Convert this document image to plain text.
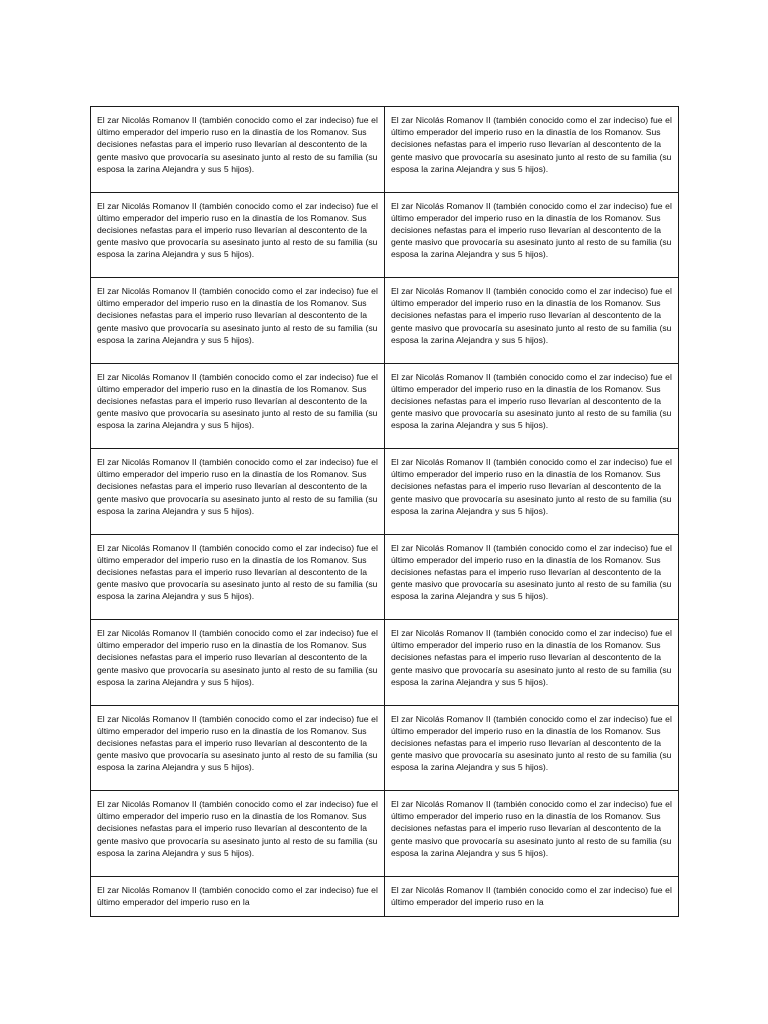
El zar Nicolás Romanov II (también conocido como el zar indeciso) fue el último emperador del imperio ruso en la dinastía de los Romanov. Sus decisiones nefastas para el imperio ruso llevarían al descontento de la gente masivo que provocaría su asesinato junto al resto de su familia (su esposa la zarina Alejandra y sus 5 hijos).

El zar Nicolás Romanov II (también conocido como el zar indeciso) fue el último emperador del imperio ruso en la dinastía de los Romanov. Sus decisiones nefastas para el imperio ruso llevarían al descontento de la gente masivo que provocaría su asesinato junto al resto de su familia (su esposa la zarina Alejandra y sus 5 hijos).

El zar Nicolás Romanov II (también conocido como el zar indeciso) fue el último emperador del imperio ruso en la dinastía de los Romanov. Sus decisiones nefastas para el imperio ruso llevarían al descontento de la gente masivo que provocaría su asesinato junto al resto de su familia (su esposa la zarina Alejandra y sus 5 hijos).

El zar Nicolás Romanov II (también conocido como el zar indeciso) fue el último emperador del imperio ruso en la dinastía de los Romanov. Sus decisiones nefastas para el imperio ruso llevarían al descontento de la gente masivo que provocaría su asesinato junto al resto de su familia (su esposa la zarina Alejandra y sus 5 hijos).

El zar Nicolás Romanov II (también conocido como el zar indeciso) fue el último emperador del imperio ruso en la dinastía de los Romanov. Sus decisiones nefastas para el imperio ruso llevarían al descontento de la gente masivo que provocaría su asesinato junto al resto de su familia (su esposa la zarina Alejandra y sus 5 hijos).

El zar Nicolás Romanov II (también conocido como el zar indeciso) fue el último emperador del imperio ruso en la dinastía de los Romanov. Sus decisiones nefastas para el imperio ruso llevarían al descontento de la gente masivo que provocaría su asesinato junto al resto de su familia (su esposa la zarina Alejandra y sus 5 hijos).

El zar Nicolás Romanov II (también conocido como el zar indeciso) fue el último emperador del imperio ruso en la dinastía de los Romanov. Sus decisiones nefastas para el imperio ruso llevarían al descontento de la gente masivo que provocaría su asesinato junto al resto de su familia (su esposa la zarina Alejandra y sus 5 hijos).

El zar Nicolás Romanov II (también conocido como el zar indeciso) fue el último emperador del imperio ruso en la dinastía de los Romanov. Sus decisiones nefastas para el imperio ruso llevarían al descontento de la gente masivo que provocaría su asesinato junto al resto de su familia (su esposa la zarina Alejandra y sus 5 hijos).

El zar Nicolás Romanov II (también conocido como el zar indeciso) fue el último emperador del imperio ruso en la dinastía de los Romanov. Sus decisiones nefastas para el imperio ruso llevarían al descontento de la gente masivo que provocaría su asesinato junto al resto de su familia (su esposa la zarina Alejandra y sus 5 hijos).

El zar Nicolás Romanov II (también conocido como el zar indeciso) fue el último emperador del imperio ruso en la dinastía de los Romanov. Sus decisiones nefastas para el imperio ruso llevarían al descontento de la gente masivo que provocaría su asesinato junto al resto de su familia (su esposa la zarina Alejandra y sus 5 hijos).

El zar Nicolás Romanov II (también conocido como el zar indeciso) fue el último emperador del imperio ruso en la dinastía de los Romanov. Sus decisiones nefastas para el imperio ruso llevarían al descontento de la gente masivo que provocaría su asesinato junto al resto de su familia (su esposa la zarina Alejandra y sus 5 hijos).

El zar Nicolás Romanov II (también conocido como el zar indeciso) fue el último emperador del imperio ruso en la dinastía de los Romanov. Sus decisiones nefastas para el imperio ruso llevarían al descontento de la gente masivo que provocaría su asesinato junto al resto de su familia (su esposa la zarina Alejandra y sus 5 hijos).

El zar Nicolás Romanov II (también conocido como el zar indeciso) fue el último emperador del imperio ruso en la dinastía de los Romanov. Sus decisiones nefastas para el imperio ruso llevarían al descontento de la gente masivo que provocaría su asesinato junto al resto de su familia (su esposa la zarina Alejandra y sus 5 hijos).

El zar Nicolás Romanov II (también conocido como el zar indeciso) fue el último emperador del imperio ruso en la dinastía de los Romanov. Sus decisiones nefastas para el imperio ruso llevarían al descontento de la gente masivo que provocaría su asesinato junto al resto de su familia (su esposa la zarina Alejandra y sus 5 hijos).

El zar Nicolás Romanov II (también conocido como el zar indeciso) fue el último emperador del imperio ruso en la dinastía de los Romanov. Sus decisiones nefastas para el imperio ruso llevarían al descontento de la gente masivo que provocaría su asesinato junto al resto de su familia (su esposa la zarina Alejandra y sus 5 hijos).

El zar Nicolás Romanov II (también conocido como el zar indeciso) fue el último emperador del imperio ruso en la dinastía de los Romanov. Sus decisiones nefastas para el imperio ruso llevarían al descontento de la gente masivo que provocaría su asesinato junto al resto de su familia (su esposa la zarina Alejandra y sus 5 hijos).

El zar Nicolás Romanov II (también conocido como el zar indeciso) fue el último emperador del imperio ruso en la dinastía de los Romanov. Sus decisiones nefastas para el imperio ruso llevarían al descontento de la gente masivo que provocaría su asesinato junto al resto de su familia (su esposa la zarina Alejandra y sus 5 hijos).

El zar Nicolás Romanov II (también conocido como el zar indeciso) fue el último emperador del imperio ruso en la dinastía de los Romanov. Sus decisiones nefastas para el imperio ruso llevarían al descontento de la gente masivo que provocaría su asesinato junto al resto de su familia (su esposa la zarina Alejandra y sus 5 hijos).

El zar Nicolás Romanov II (también conocido como el zar indeciso) fue el último emperador del imperio ruso en la

El zar Nicolás Romanov II (también conocido como el zar indeciso) fue el último emperador del imperio ruso en la
